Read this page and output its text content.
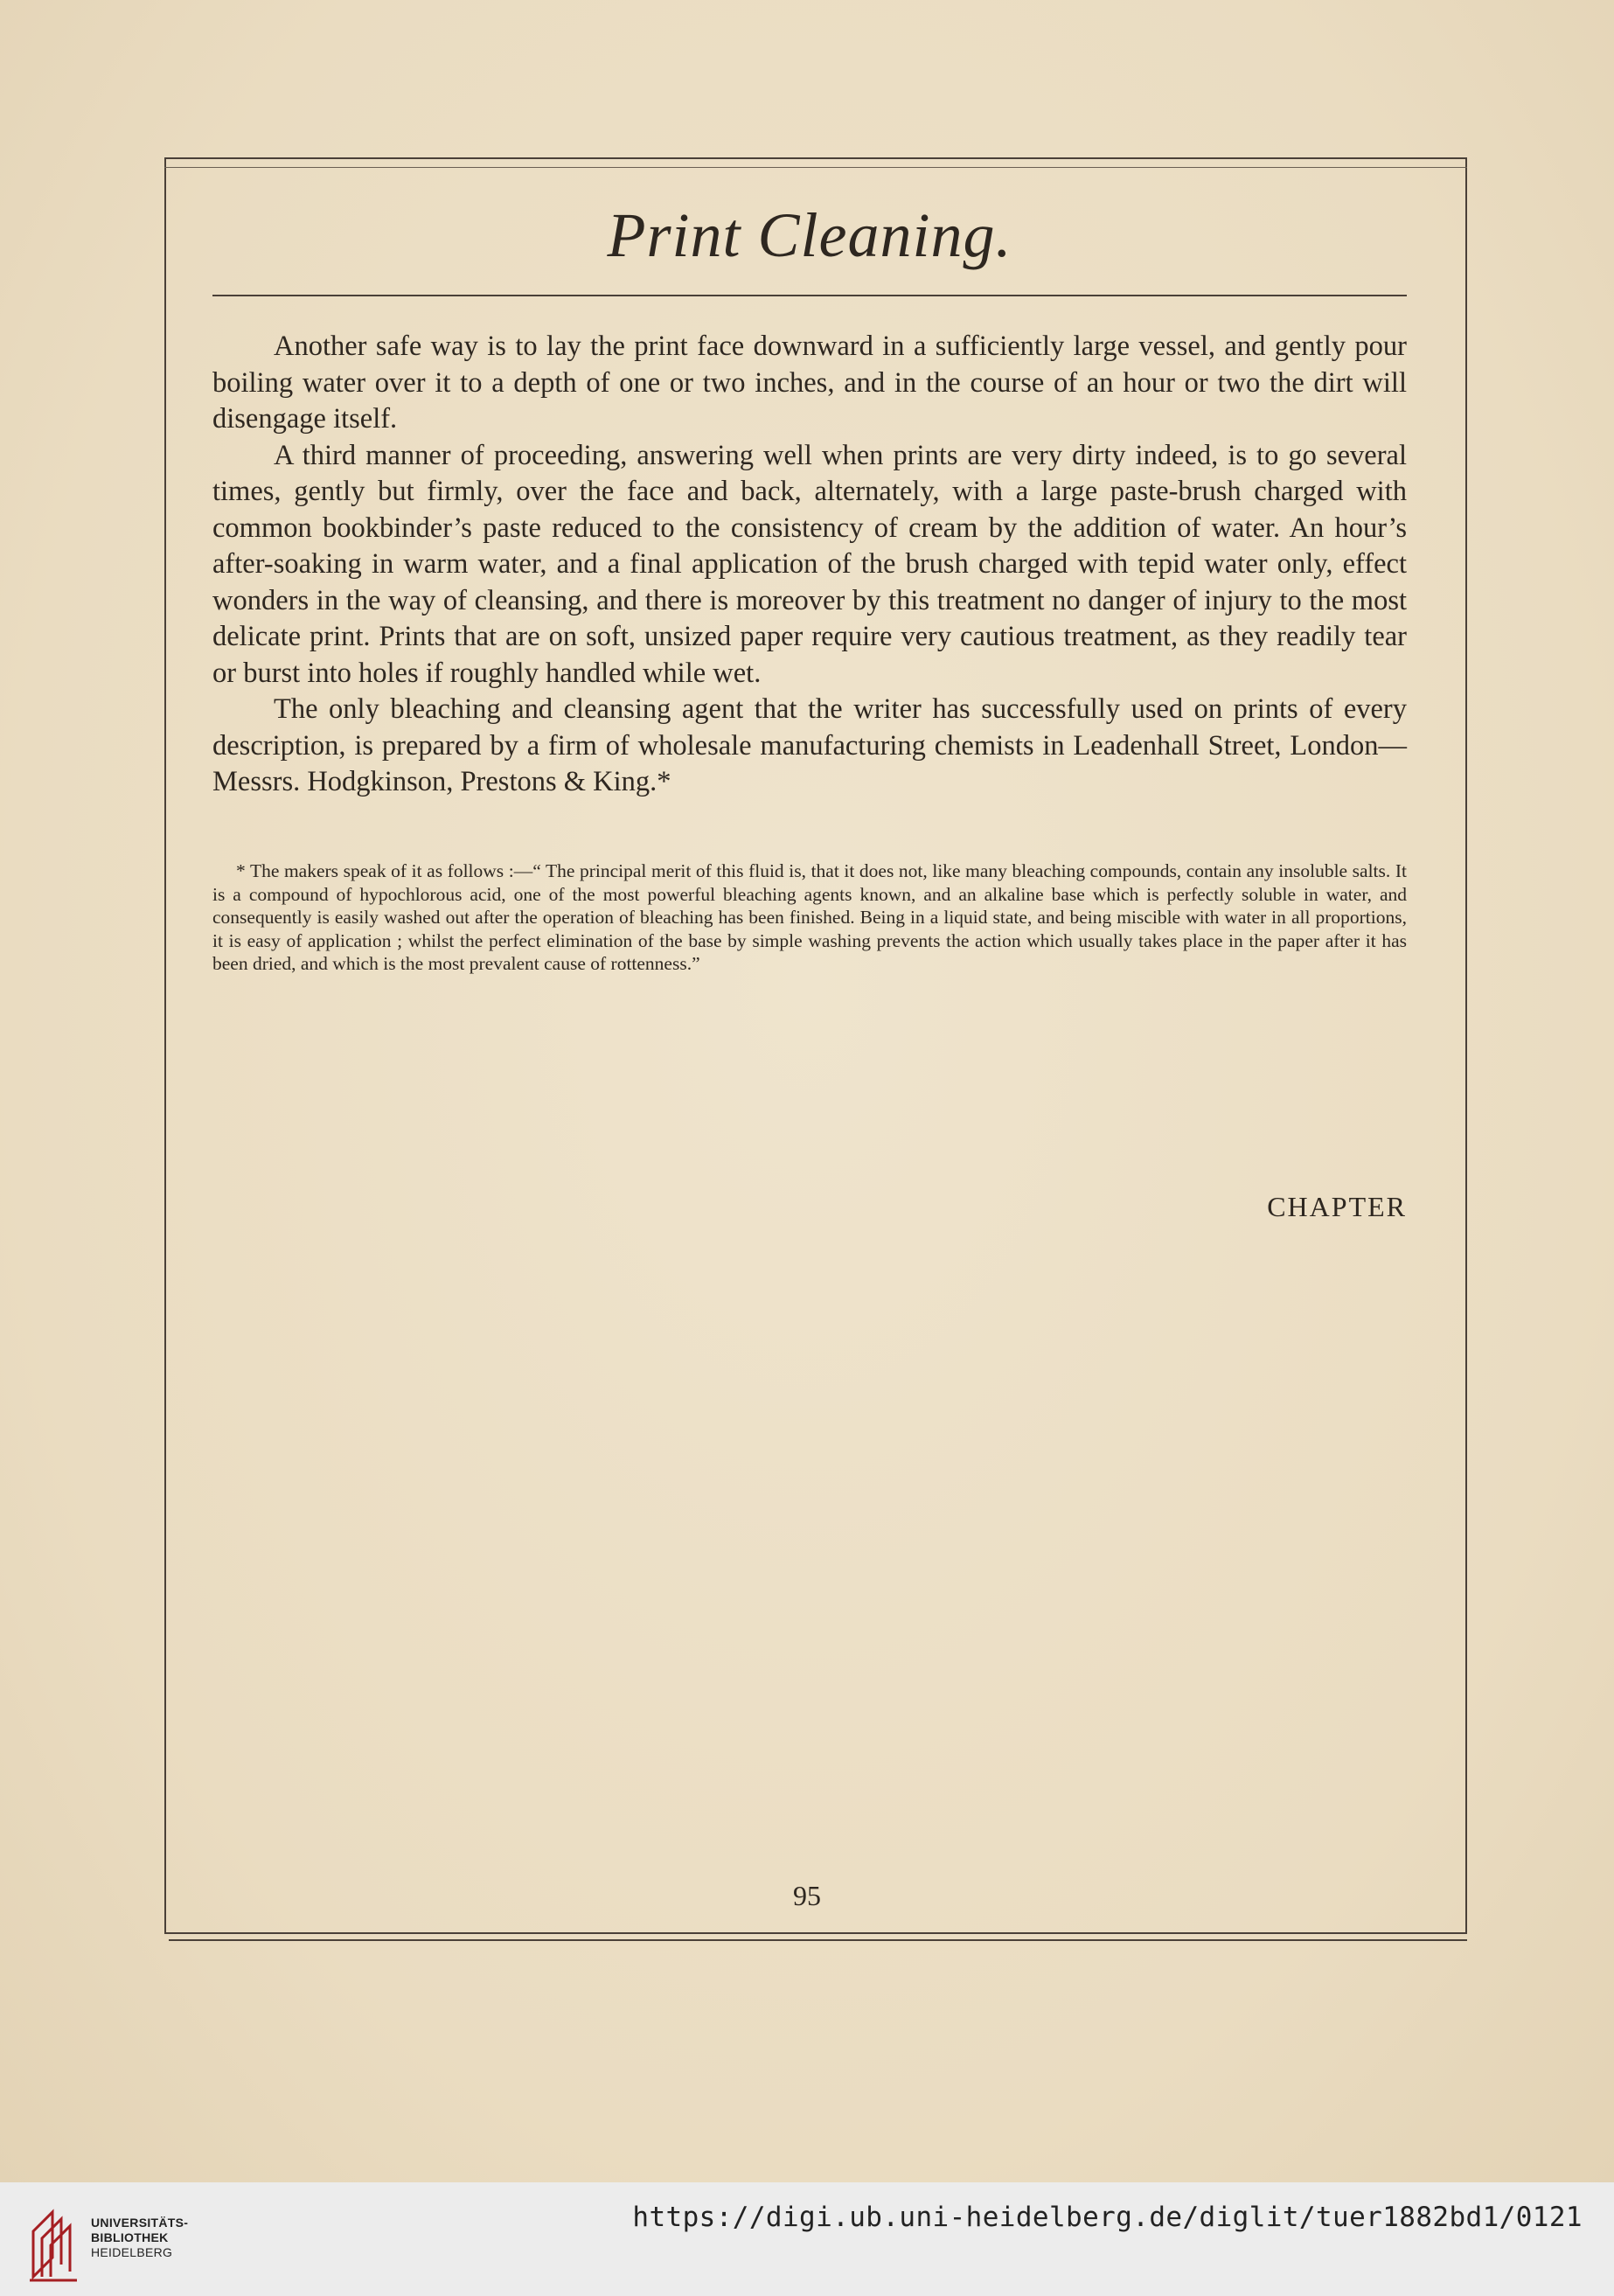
Print Cleaning.

Another safe way is to lay the print face downward in a sufficiently large vessel, and gently pour boiling water over it to a depth of one or two inches, and in the course of an hour or two the dirt will disengage itself.

A third manner of proceeding, answering well when prints are very dirty indeed, is to go several times, gently but firmly, over the face and back, alternately, with a large paste-brush charged with common bookbinder’s paste reduced to the consistency of cream by the addition of water. An hour’s after-soaking in warm water, and a final application of the brush charged with tepid water only, effect wonders in the way of cleansing, and there is moreover by this treatment no danger of injury to the most delicate print. Prints that are on soft, unsized paper require very cautious treatment, as they readily tear or burst into holes if roughly handled while wet.

The only bleaching and cleansing agent that the writer has successfully used on prints of every description, is prepared by a firm of wholesale manufacturing chemists in Leadenhall Street, London—Messrs. Hodgkinson, Prestons & King.*

* The makers speak of it as follows :—“ The principal merit of this fluid is, that it does not, like many bleaching compounds, contain any insoluble salts. It is a compound of hypochlorous acid, one of the most powerful bleaching agents known, and an alkaline base which is perfectly soluble in water, and consequently is easily washed out after the operation of bleaching has been finished. Being in a liquid state, and being miscible with water in all proportions, it is easy of application ; whilst the perfect elimination of the base by simple washing prevents the action which usually takes place in the paper after it has been dried, and which is the most prevalent cause of rottenness.”

CHAPTER
95
UNIVERSITÄTS-
BIBLIOTHEK
HEIDELBERG
https://digi.ub.uni-heidelberg.de/diglit/tuer1882bd1/0121
